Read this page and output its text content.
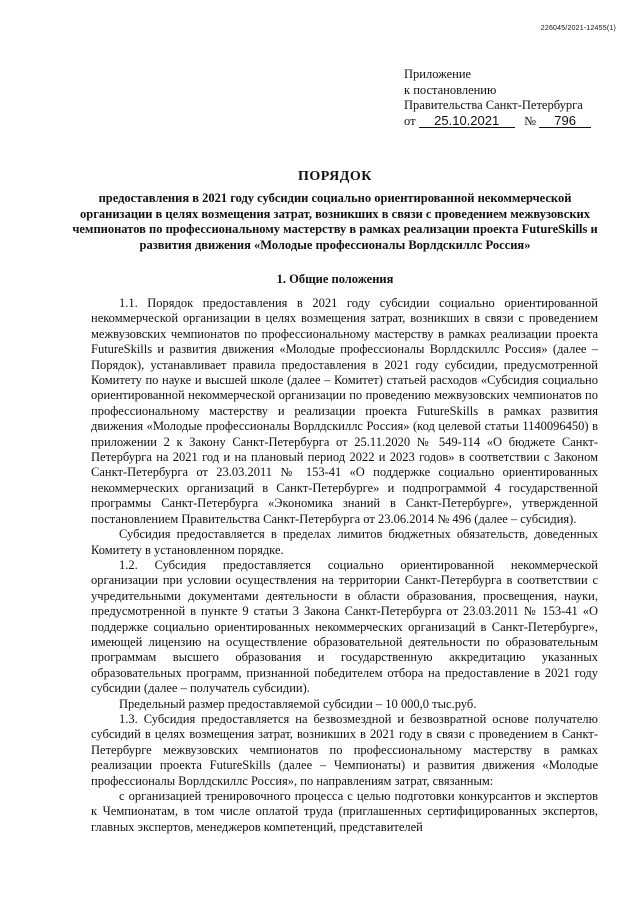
226045/2021-12455(1)
Приложение
к постановлению
Правительства Санкт-Петербурга
от 25.10.2021 № 796
ПОРЯДОК
предоставления в 2021 году субсидии социально ориентированной некоммерческой организации в целях возмещения затрат, возникших в связи с проведением межвузовских чемпионатов по профессиональному мастерству в рамках реализации проекта FutureSkills и развития движения «Молодые профессионалы Ворлдскиллс Россия»
1. Общие положения

1.1. Порядок предоставления в 2021 году субсидии социально ориентированной некоммерческой организации в целях возмещения затрат, возникших в связи с проведением межвузовских чемпионатов по профессиональному мастерству в рамках реализации проекта FutureSkills и развития движения «Молодые профессионалы Ворлдскиллс Россия» (далее – Порядок), устанавливает правила предоставления в 2021 году субсидии, предусмотренной Комитету по науке и высшей школе (далее – Комитет) статьей расходов «Субсидия социально ориентированной некоммерческой организации по проведению межвузовских чемпионатов по профессиональному мастерству и реализации проекта FutureSkills в рамках развития движения «Молодые профессионалы Ворлдскиллс Россия» (код целевой статьи 1140096450) в приложении 2 к Закону Санкт-Петербурга от 25.11.2020 № 549-114 «О бюджете Санкт-Петербурга на 2021 год и на плановый период 2022 и 2023 годов» в соответствии с Законом Санкт-Петербурга от 23.03.2011 № 153-41 «О поддержке социально ориентированных некоммерческих организаций в Санкт-Петербурге» и подпрограммой 4 государственной программы Санкт-Петербурга «Экономика знаний в Санкт-Петербурге», утвержденной постановлением Правительства Санкт-Петербурга от 23.06.2014 № 496 (далее – субсидия).

Субсидия предоставляется в пределах лимитов бюджетных обязательств, доведенных Комитету в установленном порядке.

1.2. Субсидия предоставляется социально ориентированной некоммерческой организации при условии осуществления на территории Санкт-Петербурга в соответствии с учредительными документами деятельности в области образования, просвещения, науки, предусмотренной в пункте 9 статьи 3 Закона Санкт-Петербурга от 23.03.2011 № 153-41 «О поддержке социально ориентированных некоммерческих организаций в Санкт-Петербурге», имеющей лицензию на осуществление образовательной деятельности по образовательным программам высшего образования и государственную аккредитацию указанных образовательных программ, признанной победителем отбора на предоставление в 2021 году субсидии (далее – получатель субсидии).

Предельный размер предоставляемой субсидии – 10 000,0 тыс.руб.

1.3. Субсидия предоставляется на безвозмездной и безвозвратной основе получателю субсидий в целях возмещения затрат, возникших в 2021 году в связи с проведением в Санкт-Петербурге межвузовских чемпионатов по профессиональному мастерству в рамках реализации проекта FutureSkills (далее – Чемпионаты) и развития движения «Молодые профессионалы Ворлдскиллс Россия», по направлениям затрат, связанным:

с организацией тренировочного процесса с целью подготовки конкурсантов и экспертов к Чемпионатам, в том числе оплатой труда (приглашенных сертифицированных экспертов, главных экспертов, менеджеров компетенций, представителей
